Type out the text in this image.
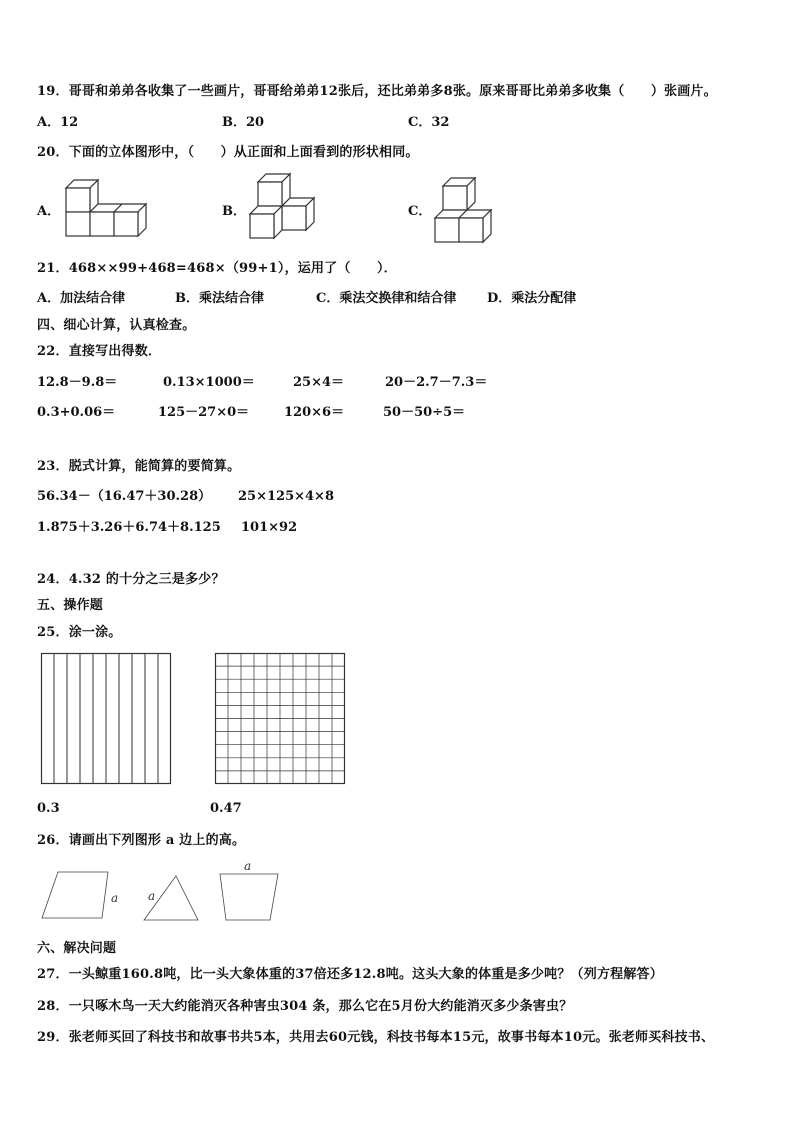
19．哥哥和弟弟各收集了一些画片，哥哥给弟弟12张后，还比弟弟多8张。原来哥哥比弟弟多收集（　　）张画片。
A．12	B．20	C．32
20．下面的立体图形中，（　　）从正面和上面看到的形状相同。
A．	B．	C．
21．468××99+468=468×（99+1），运用了（　　）．
A．加法结合律	B．乘法结合律	C．乘法交换律和结合律 D．乘法分配律
四、细心计算，认真检查。
22．直接写出得数．
12.8－9.8＝	0.13×1000＝	25×4＝	20－2.7－7.3＝
0.3+0.06＝	125－27×0＝	120×6＝	50－50÷5＝
23．脱式计算，能简算的要简算。
56.34－（16.47＋30.28） 25×125×4×8
1.875＋3.26＋6.74＋8.125 101×92
24．4.32 的十分之三是多少？
五、操作题
25．涂一涂。
0.3	0.47
26．请画出下列图形 a 边上的高。
a a
a
六、解决问题
27．一头鲸重160.8吨，比一头大象体重的37倍还多12.8吨。这头大象的体重是多少吨？（列方程解答）
28．一只啄木鸟一天大约能消灭各种害虫304 条，那么它在5月份大约能消灭多少条害虫？
29．张老师买回了科技书和故事书共5本，共用去60元钱，科技书每本15元，故事书每本10元。张老师买科技书、
